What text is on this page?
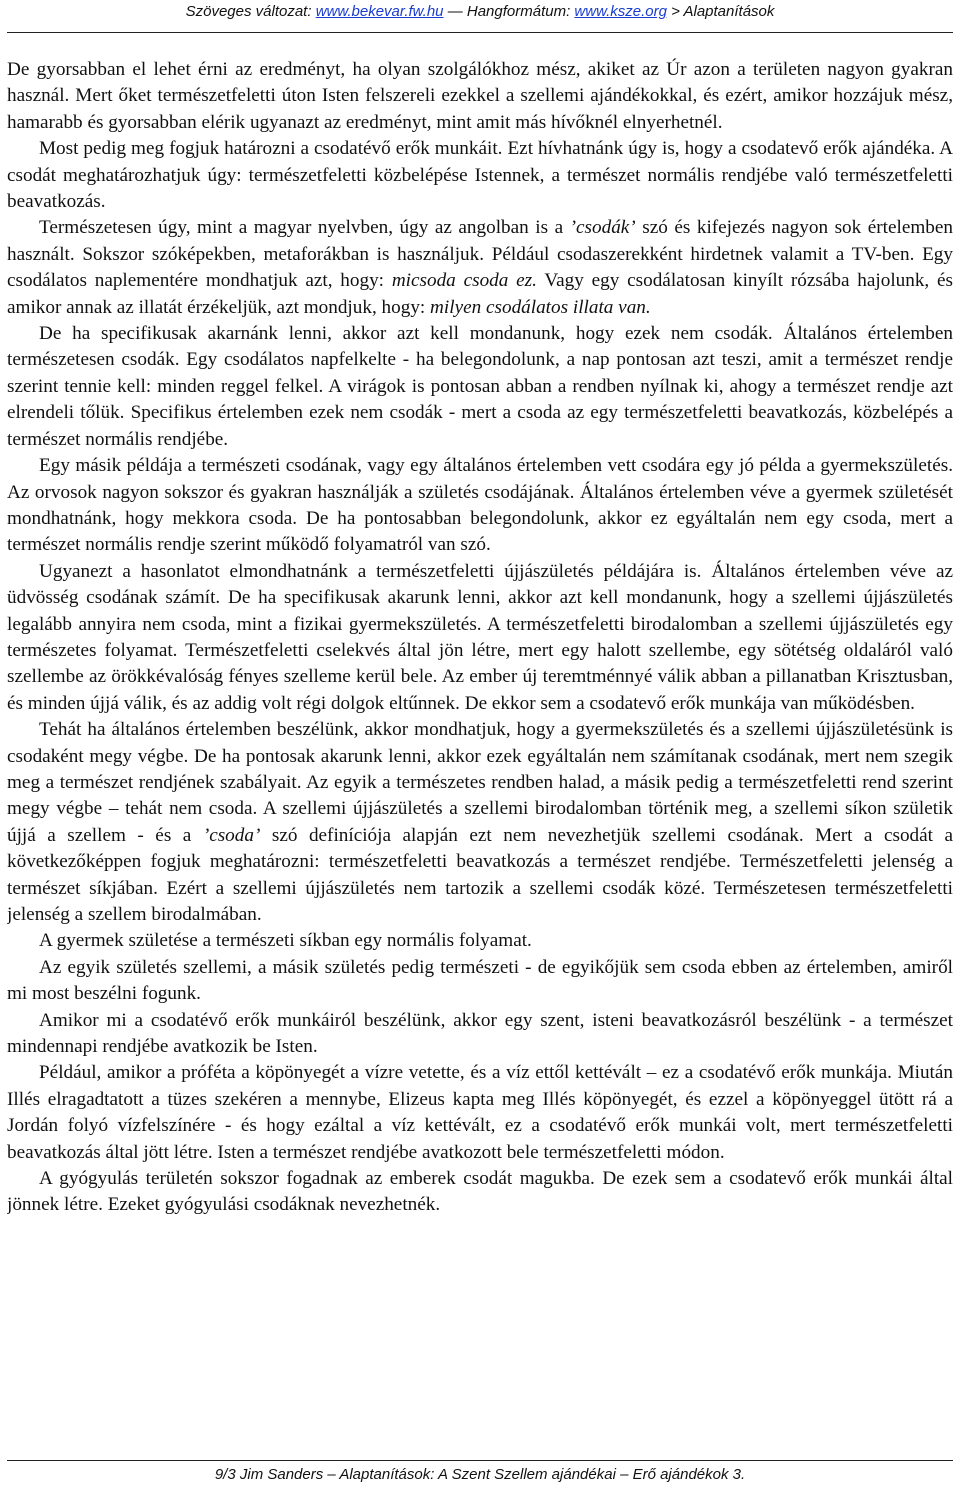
Szöveges változat: www.bekevar.fw.hu — Hangformátum: www.ksze.org > Alaptanítások

De gyorsabban el lehet érni az eredményt, ha olyan szolgálókhoz mész, akiket az Úr azon a területen nagyon gyakran használ. Mert őket természetfeletti úton Isten felszereli ezekkel a szellemi ajándékokkal, és ezért, amikor hozzájuk mész, hamarabb és gyorsabban elérik ugyanazt az eredményt, mint amit más hívőknél elnyerhetnél.

Most pedig meg fogjuk határozni a csodatévő erők munkáit. Ezt hívhatnánk úgy is, hogy a csodatevő erők ajándéka. A csodát meghatározhatjuk úgy: természetfeletti közbelépése Istennek, a természet normális rendjébe való természetfeletti beavatkozás.

Természetesen úgy, mint a magyar nyelvben, úgy az angolban is a ’csodák’ szó és kifejezés nagyon sok értelemben használt. Sokszor szóképekben, metaforákban is használjuk. Például csodaszerekként hirdetnek valamit a TV-ben. Egy csodálatos naplementére mondhatjuk azt, hogy: micsoda csoda ez. Vagy egy csodálatosan kinyílt rózsába hajolunk, és amikor annak az illatát érzékeljük, azt mondjuk, hogy: milyen csodálatos illata van.

De ha specifikusak akarnánk lenni, akkor azt kell mondanunk, hogy ezek nem csodák. Általános értelemben természetesen csodák. Egy csodálatos napfelkelte - ha belegondolunk, a nap pontosan azt teszi, amit a természet rendje szerint tennie kell: minden reggel felkel. A virágok is pontosan abban a rendben nyílnak ki, ahogy a természet rendje azt elrendeli tőlük. Specifikus értelemben ezek nem csodák - mert a csoda az egy természetfeletti beavatkozás, közbelépés a természet normális rendjébe.

Egy másik példája a természeti csodának, vagy egy általános értelemben vett csodára egy jó példa a gyermekszületés. Az orvosok nagyon sokszor és gyakran használják a születés csodájának. Általános értelemben véve a gyermek születését mondhatnánk, hogy mekkora csoda. De ha pontosabban belegondolunk, akkor ez egyáltalán nem egy csoda, mert a természet normális rendje szerint működő folyamatról van szó.

Ugyanezt a hasonlatot elmondhatnánk a természetfeletti újjászületés példájára is. Általános értelemben véve az üdvösség csodának számít. De ha specifikusak akarunk lenni, akkor azt kell mondanunk, hogy a szellemi újjászületés legalább annyira nem csoda, mint a fizikai gyermekszületés. A természetfeletti birodalomban a szellemi újjászületés egy természetes folyamat. Természetfeletti cselekvés által jön létre, mert egy halott szellembe, egy sötétség oldaláról való szellembe az örökkévalóság fényes szelleme kerül bele. Az ember új teremtménnyé válik abban a pillanatban Krisztusban, és minden újjá válik, és az addig volt régi dolgok eltűnnek. De ekkor sem a csodatevő erők munkája van működésben.

Tehát ha általános értelemben beszélünk, akkor mondhatjuk, hogy a gyermekszületés és a szellemi újjászületésünk is csodaként megy végbe. De ha pontosak akarunk lenni, akkor ezek egyáltalán nem számítanak csodának, mert nem szegik meg a természet rendjének szabályait. Az egyik a természetes rendben halad, a másik pedig a természetfeletti rend szerint megy végbe – tehát nem csoda. A szellemi újjászületés a szellemi birodalomban történik meg, a szellemi síkon születik újjá a szellem - és a ’csoda’ szó definíciója alapján ezt nem nevezhetjük szellemi csodának. Mert a csodát a következőképpen fogjuk meghatározni: természetfeletti beavatkozás a természet rendjébe. Természetfeletti jelenség a természet síkjában. Ezért a szellemi újjászületés nem tartozik a szellemi csodák közé. Természetesen természetfeletti jelenség a szellem birodalmában.

A gyermek születése a természeti síkban egy normális folyamat.

Az egyik születés szellemi, a másik születés pedig természeti - de egyikőjük sem csoda ebben az értelemben, amiről mi most beszélni fogunk.

Amikor mi a csodatévő erők munkáiról beszélünk, akkor egy szent, isteni beavatkozásról beszélünk - a természet mindennapi rendjébe avatkozik be Isten.

Például, amikor a próféta a köpönyegét a vízre vetette, és a víz ettől kettévált – ez a csodatévő erők munkája. Miután Illés elragadtatott a tüzes szekéren a mennybe, Elizeus kapta meg Illés köpönyegét, és ezzel a köpönyeggel ütött rá a Jordán folyó vízfelszínére - és hogy ezáltal a víz kettévált, ez a csodatévő erők munkái volt, mert természetfeletti beavatkozás által jött létre. Isten a természet rendjébe avatkozott bele természetfeletti módon.

A gyógyulás területén sokszor fogadnak az emberek csodát magukba. De ezek sem a csodatevő erők munkái által jönnek létre. Ezeket gyógyulási csodáknak nevezhetnék.

9/3 Jim Sanders – Alaptanítások: A Szent Szellem ajándékai – Erő ajándékok 3.
